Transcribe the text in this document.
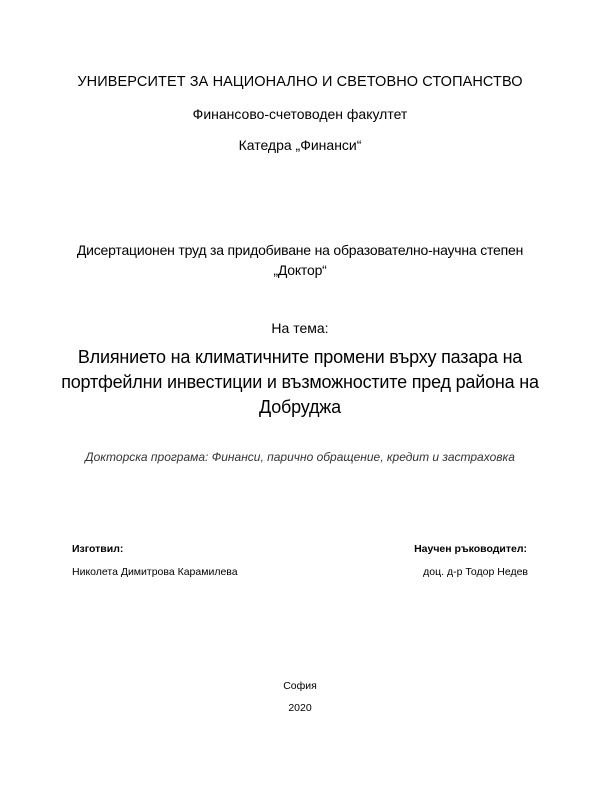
УНИВЕРСИТЕТ ЗА НАЦИОНАЛНО И СВЕТОВНО СТОПАНСТВО
Финансово-счетоводен факултет
Катедра „Финанси“
Дисертационен труд за придобиване на образователно-научна степен
„Доктор“
На тема:
Влиянието на климатичните промени върху пазара на
портфейлни инвестиции и възможностите пред района на
Добруджа
Докторска програма: Финанси, парично обращение, кредит и застраховка
Изготвил:	Научен ръководител:
Николета Димитрова Карамилева	доц. д-р Тодор Недев
София
2020
